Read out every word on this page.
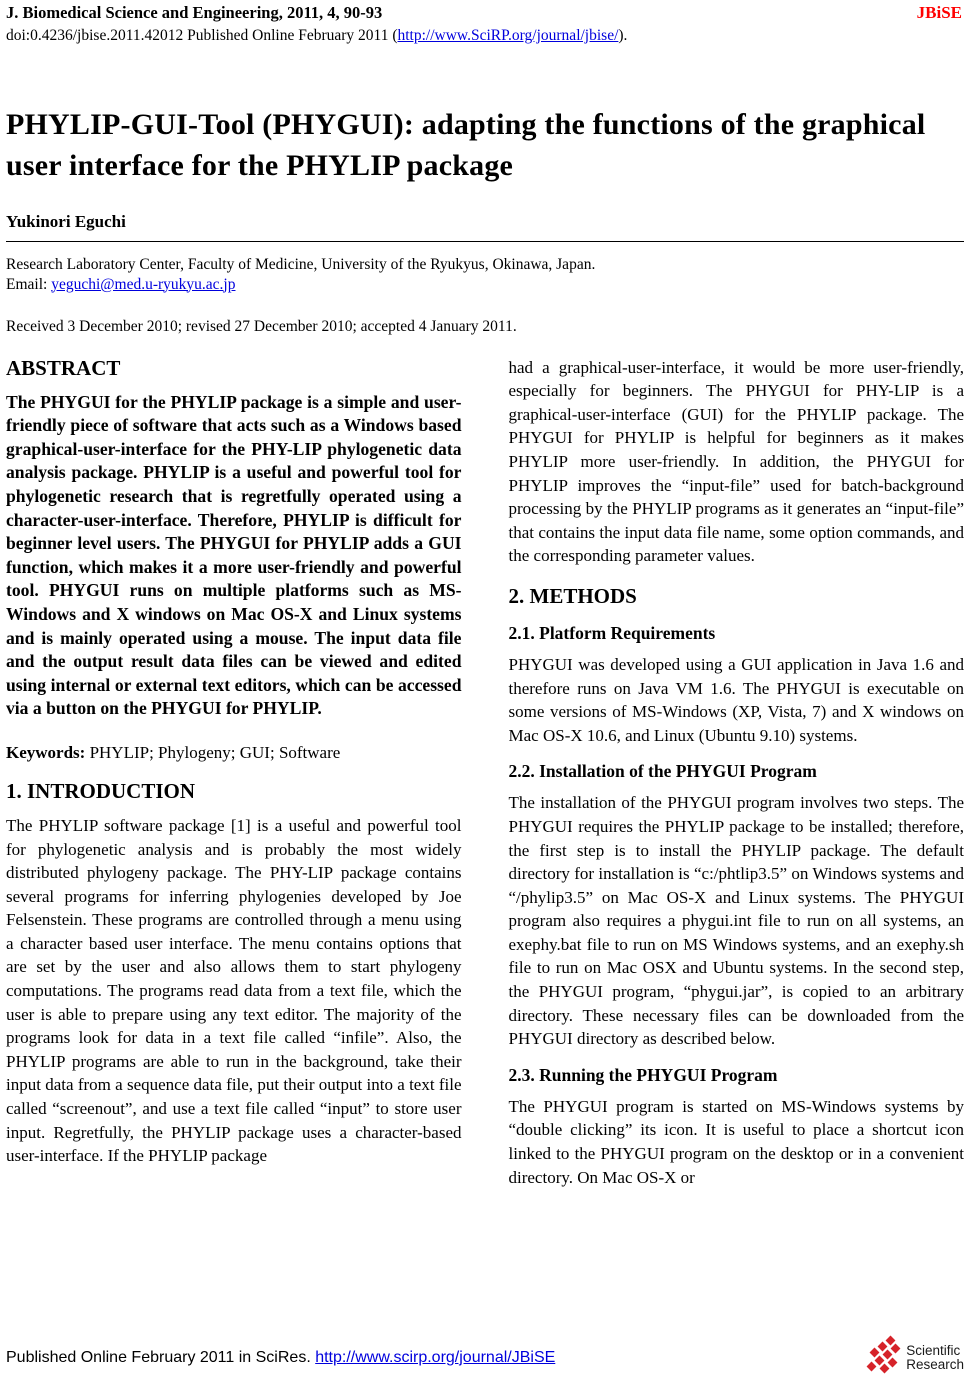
J. Biomedical Science and Engineering, 2011, 4, 90-93
doi:0.4236/jbise.2011.42012 Published Online February 2011 (http://www.SciRP.org/journal/jbise/).
JBiSE
PHYLIP-GUI-Tool (PHYGUI): adapting the functions of the graphical user interface for the PHYLIP package
Yukinori Eguchi
Research Laboratory Center, Faculty of Medicine, University of the Ryukyus, Okinawa, Japan.
Email: yeguchi@med.u-ryukyu.ac.jp
Received 3 December 2010; revised 27 December 2010; accepted 4 January 2011.
ABSTRACT

The PHYGUI for the PHYLIP package is a simple and user-friendly piece of software that acts such as a Windows based graphical-user-interface for the PHY-LIP phylogenetic data analysis package. PHYLIP is a useful and powerful tool for phylogenetic research that is regretfully operated using a character-user-interface. Therefore, PHYLIP is difficult for beginner level users. The PHYGUI for PHYLIP adds a GUI function, which makes it a more user-friendly and powerful tool. PHYGUI runs on multiple platforms such as MS-Windows and X windows on Mac OS-X and Linux systems and is mainly operated using a mouse. The input data file and the output result data files can be viewed and edited using internal or external text editors, which can be accessed via a button on the PHYGUI for PHYLIP.

Keywords: PHYLIP; Phylogeny; GUI; Software
1. INTRODUCTION

The PHYLIP software package [1] is a useful and powerful tool for phylogenetic analysis and is probably the most widely distributed phylogeny package. The PHY-LIP package contains several programs for inferring phylogenies developed by Joe Felsenstein. These programs are controlled through a menu using a character based user interface. The menu contains options that are set by the user and also allows them to start phylogeny computations. The programs read data from a text file, which the user is able to prepare using any text editor. The majority of the programs look for data in a text file called “infile”. Also, the PHYLIP programs are able to run in the background, take their input data from a sequence data file, put their output into a text file called “screenout”, and use a text file called “input” to store user input. Regretfully, the PHYLIP package uses a character-based user-interface. If the PHYLIP package

had a graphical-user-interface, it would be more user-friendly, especially for beginners. The PHYGUI for PHY-LIP is a graphical-user-interface (GUI) for the PHYLIP package. The PHYGUI for PHYLIP is helpful for beginners as it makes PHYLIP more user-friendly. In addition, the PHYGUI for PHYLIP improves the “input-file” used for batch-background processing by the PHYLIP programs as it generates an “input-file” that contains the input data file name, some option commands, and the corresponding parameter values.

2. METHODS
2.1. Platform Requirements

PHYGUI was developed using a GUI application in Java 1.6 and therefore runs on Java VM 1.6. The PHYGUI is executable on some versions of MS-Windows (XP, Vista, 7) and X windows on Mac OS-X 10.6, and Linux (Ubuntu 9.10) systems.

2.2. Installation of the PHYGUI Program

The installation of the PHYGUI program involves two steps. The PHYGUI requires the PHYLIP package to be installed; therefore, the first step is to install the PHYLIP package. The default directory for installation is “c:/phtlip3.5” on Windows systems and “/phylip3.5” on Mac OS-X and Linux systems. The PHYGUI program also requires a phygui.int file to run on all systems, an exephy.bat file to run on MS Windows systems, and an exephy.sh file to run on Mac OSX and Ubuntu systems. In the second step, the PHYGUI program, “phygui.jar”, is copied to an arbitrary directory. These necessary files can be downloaded from the PHYGUI directory as described below.

2.3. Running the PHYGUI Program

The PHYGUI program is started on MS-Windows systems by “double clicking” its icon. It is useful to place a shortcut icon linked to the PHYGUI program on the desktop or in a convenient directory. On Mac OS-X or

Published Online February 2011 in SciRes. http://www.scirp.org/journal/JBiSE	Scientific
Research
